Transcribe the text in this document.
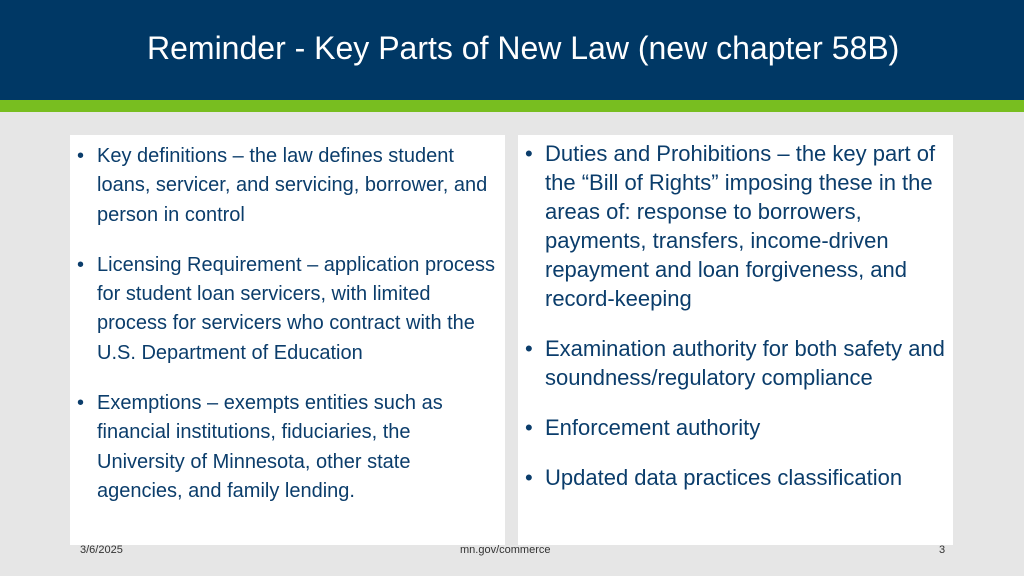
Reminder - Key Parts of New Law (new chapter 58B)
• Key definitions – the law defines student loans, servicer, and servicing, borrower, and person in control
• Licensing Requirement – application process for student loan servicers, with limited process for servicers who contract with the U.S. Department of Education
• Exemptions – exempts entities such as financial institutions, fiduciaries, the University of Minnesota, other state agencies, and family lending.
• Duties and Prohibitions – the key part of the “Bill of Rights” imposing these in the areas of: response to borrowers, payments, transfers, income-driven repayment and loan forgiveness, and record-keeping
• Examination authority for both safety and soundness/regulatory compliance
• Enforcement authority
• Updated data practices classification
3/6/2025	mn.gov/commerce	3
